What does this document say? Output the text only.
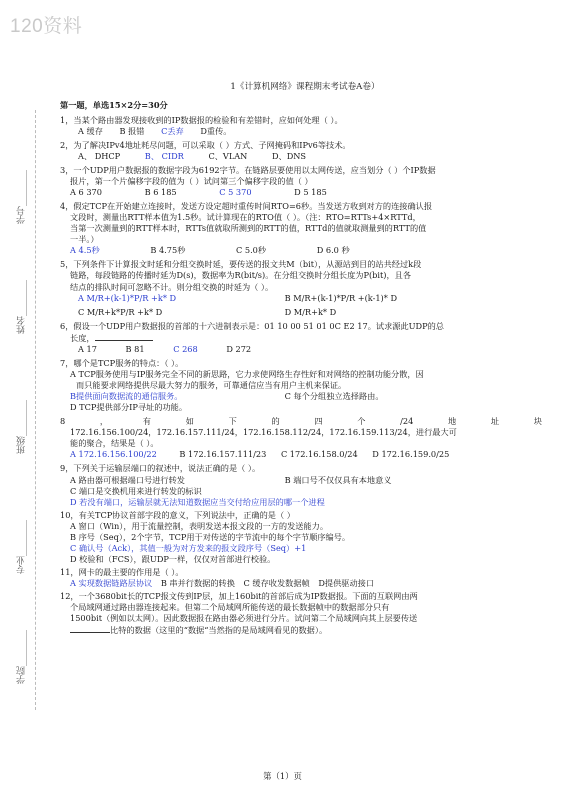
120资料
学号________
姓名________
班级________
专业________
学院________
1《计算机网络》课程期末考试卷A卷）
第一题，单选15×2分=30分
1，当某个路由器发现接收到的IP数据报的检验和有差错时，应如何处理（ ）。
A 缓存 B 报错 C丢弃 D重传。
2，为了解决IPv4地址耗尽问题，可以采取（ ）方式、子网掩码和IPv6等技术。
A、 DHCP	B、 CIDR	C、VLAN	D、DNS
3，一个UDP用户数据报的数据字段为6192字节。在链路层要使用以太网传送，应当划分（ ）个IP数据
报片，第一个片偏移字段的值为（ ）试问第三个偏移字段的值（ ）
A 6 370	B 6 185	C 5 370	D 5 185
4，假定TCP在开始建立连接时，发送方设定超时重传时间RTO=6秒。当发送方收到对方的连接确认报
文段时，测量出RTT样本值为1.5秒。试计算现在的RTO值（ ）。（注：RTO=RTTs+4×RTTd，
当第一次测量到的RTT样本时，RTTs值就取所测到的RTT的值，RTTd的值就取测量到的RTT的值
一半。）
A 4.5秒	B 4.75秒	C 5.0秒	D 6.0 秒
5，下列条件下计算报文时延和分组交换时延，要传送的报文共M（bit），从源站到目的站共经过k段
链路，每段链路的传播时延为D(s)，数据率为R(bit/s)。在分组交换时分组长度为P(bit)，且各
结点的排队时间可忽略不计。则分组交换的时延为（ ）。
A M/R+(k-1)*P/R +k* D	B M/R+(k-1)*P/R +(k-1)* D
C M/R+k*P/R +k* D	D M/R+k* D
6，假设一个UDP用户数据报的首部的十六进制表示是：01 10 00 51 01 0C E2 17。试求源此UDP的总
长度，
A 17	B 81	C 268	D 272
7，哪个是TCP服务的特点：（ ）。
A TCP服务使用与IP服务完全不同的新思路，它力求使网络生存性好和对网络的控制功能分散，因
而只能要求网络提供尽最大努力的服务，可靠通信应当有用户主机来保证。
B提供面向数据流的通信服务。	C 每个分组独立选择路由。
D TCP提供部分IP寻址的功能。
8	，	有	如	下	的	四	个	/24	地	址	块
172.16.156.100/24，172.16.157.111/24，172.16.158.112/24，172.16.159.113/24，进行最大可
能的聚合，结果是（ ）。
A 172.16.156.100/22	B 172.16.157.111/23 C 172.16.158.0/24 D 172.16.159.0/25
9，下列关于运输层端口的叙述中，说法正确的是（ ）。
A 路由器可根据端口号进行转发	B 端口号不仅仅具有本地意义
C 端口是交换机用来进行转发的标识
D 若没有端口，运输层就无法知道数据应当交付给应用层的哪一个进程
10，有关TCP协议首部字段的意义，下列说法中，正确的是（ ）
A 窗口（Win），用于流量控制，表明发送本报文段的一方的发送能力。
B 序号（Seq），2个字节，TCP用于对传送的字节流中的每个字节顺序编号。
C 确认号（Ack），其值一般为对方发来的报文段序号（Seq）+1
D 校验和（FCS），跟UDP一样，仅仅对首部进行校验。
11，网卡的最主要的作用是（ ）。
A 实现数据链路层协议 B 串并行数据的转换 C 缓存收发数据帧 D提供驱动接口
12，一个3680bit长的TCP报文传到IP层，加上160bit的首部后成为IP数据报。下面的互联网由两
个局域网通过路由器连接起来。但第二个局域网所能传送的最长数据帧中的数据部分只有
1500bit（例如以太网）。因此数据报在路由器必须进行分片。试问第二个局域网向其上层要传送
比特的数据（这里的“数据“当然指的是局域网看见的数据）。
第（1）页
